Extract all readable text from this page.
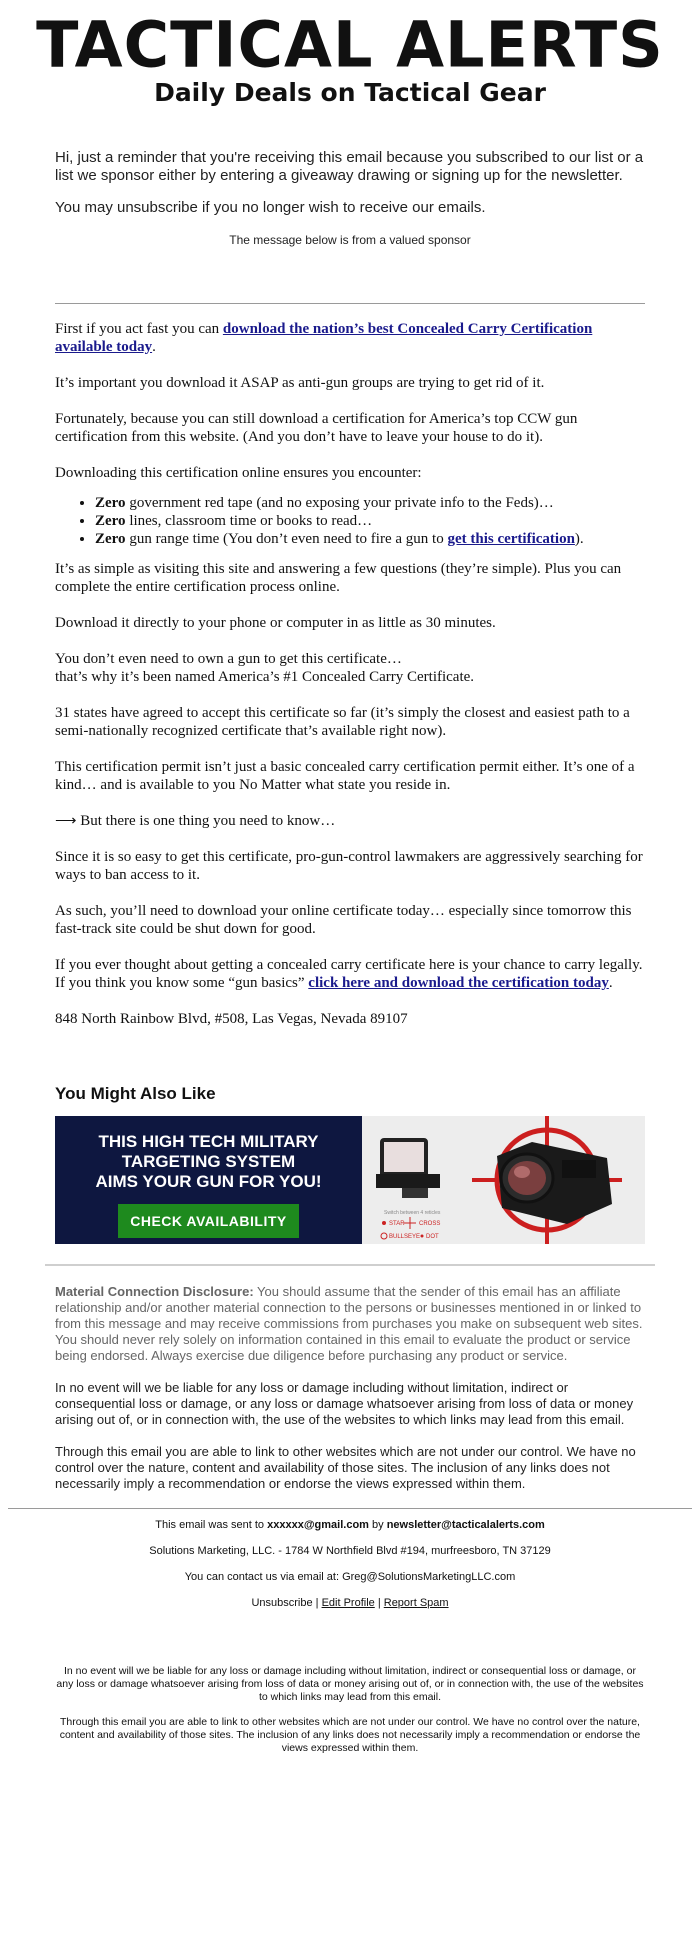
TACTICAL ALERTS
Daily Deals on Tactical Gear

Hi, just a reminder that you're receiving this email because you subscribed to our list or a list we sponsor either by entering a giveaway drawing or signing up for the newsletter.

You may unsubscribe if you no longer wish to receive our emails.

The message below is from a valued sponsor

First if you act fast you can download the nation’s best Concealed Carry Certification available today.

It’s important you download it ASAP as anti-gun groups are trying to get rid of it.

Fortunately, because you can still download a certification for America’s top CCW gun certification from this website. (And you don’t have to leave your house to do it).

Downloading this certification online ensures you encounter:

• Zero government red tape (and no exposing your private info to the Feds)…
• Zero lines, classroom time or books to read…
• Zero gun range time (You don’t even need to fire a gun to get this certification).

It’s as simple as visiting this site and answering a few questions (they’re simple). Plus you can complete the entire certification process online.

Download it directly to your phone or computer in as little as 30 minutes.

You don’t even need to own a gun to get this certificate…
that’s why it’s been named America’s #1 Concealed Carry Certificate.

31 states have agreed to accept this certificate so far (it’s simply the closest and easiest path to a semi-nationally recognized certificate that’s available right now).

This certification permit isn’t just a basic concealed carry certification permit either. It’s one of a kind… and is available to you No Matter what state you reside in.

⟶ But there is one thing you need to know…

Since it is so easy to get this certificate, pro-gun-control lawmakers are aggressively searching for ways to ban access to it.

As such, you’ll need to download your online certificate today… especially since tomorrow this fast-track site could be shut down for good.

If you ever thought about getting a concealed carry certificate here is your chance to carry legally. If you think you know some “gun basics” click here and download the certification today.

848 North Rainbow Blvd, #508, Las Vegas, Nevada 89107

You Might Also Like
THIS HIGH TECH MILITARY
TARGETING SYSTEM
AIMS YOUR GUN FOR YOU!
CHECK AVAILABILITY	Switch between 4 reticles
STAR CROSS
BULLSEYE DOT

Material Connection Disclosure: You should assume that the sender of this email has an affiliate relationship and/or another material connection to the persons or businesses mentioned in or linked to from this message and may receive commissions from purchases you make on subsequent web sites. You should never rely solely on information contained in this email to evaluate the product or service being endorsed. Always exercise due diligence before purchasing any product or service.

In no event will we be liable for any loss or damage including without limitation, indirect or consequential loss or damage, or any loss or damage whatsoever arising from loss of data or money arising out of, or in connection with, the use of the websites to which links may lead from this email.

Through this email you are able to link to other websites which are not under our control. We have no control over the nature, content and availability of those sites. The inclusion of any links does not necessarily imply a recommendation or endorse the views expressed within them.

This email was sent to xxxxxx@gmail.com by newsletter@tacticalalerts.com

Solutions Marketing, LLC. - 1784 W Northfield Blvd #194, murfreesboro, TN 37129

You can contact us via email at: Greg@SolutionsMarketingLLC.com

Unsubscribe | Edit Profile | Report Spam

In no event will we be liable for any loss or damage including without limitation, indirect or consequential loss or damage, or any loss or damage whatsoever arising from loss of data or money arising out of, or in connection with, the use of the websites to which links may lead from this email.

Through this email you are able to link to other websites which are not under our control. We have no control over the nature, content and availability of those sites. The inclusion of any links does not necessarily imply a recommendation or endorse the views expressed within them.
